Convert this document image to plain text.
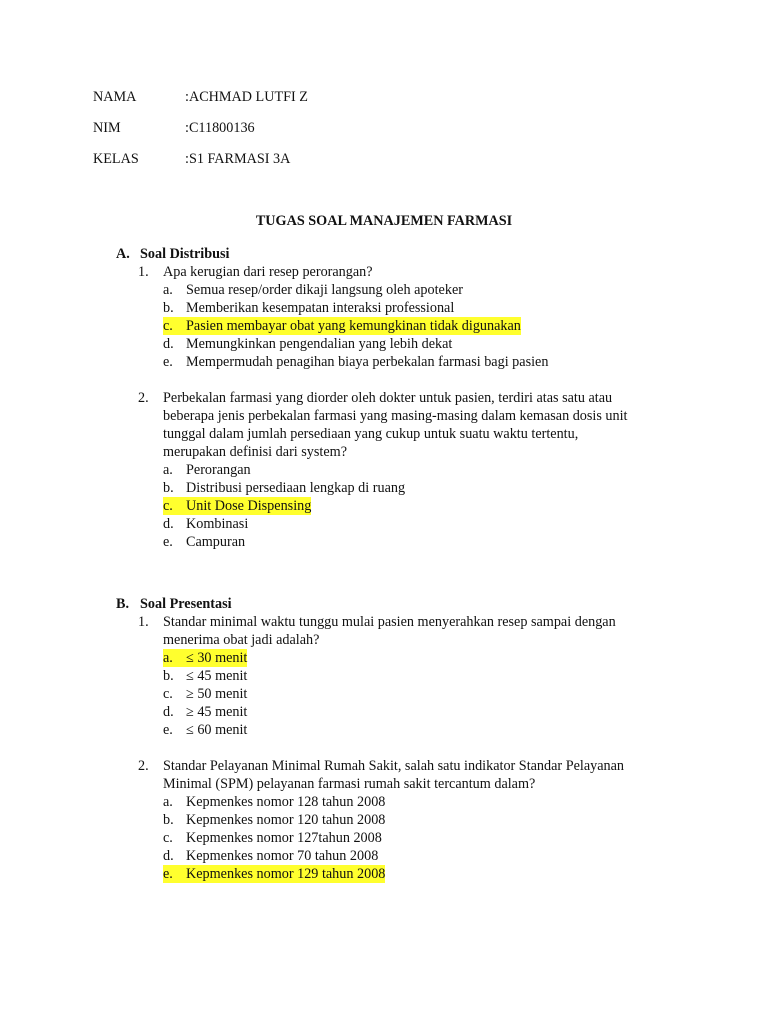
NAMA	:ACHMAD LUTFI Z
NIM	:C11800136
KELAS	:S1 FARMASI 3A
TUGAS SOAL MANAJEMEN FARMASI
A. Soal Distribusi
1. Apa kerugian dari resep perorangan?
a. Semua resep/order dikaji langsung oleh apoteker
b. Memberikan kesempatan interaksi professional
c. Pasien membayar obat yang kemungkinan tidak digunakan
d. Memungkinkan pengendalian yang lebih dekat
e. Mempermudah penagihan biaya perbekalan farmasi bagi pasien
2. Perbekalan farmasi yang diorder oleh dokter untuk pasien, terdiri atas satu atau
beberapa jenis perbekalan farmasi yang masing-masing dalam kemasan dosis unit
tunggal dalam jumlah persediaan yang cukup untuk suatu waktu tertentu,
merupakan definisi dari system?
a. Perorangan
b. Distribusi persediaan lengkap di ruang
c. Unit Dose Dispensing
d. Kombinasi
e. Campuran
B. Soal Presentasi
1. Standar minimal waktu tunggu mulai pasien menyerahkan resep sampai dengan
menerima obat jadi adalah?
a. ≤ 30 menit
b. ≤ 45 menit
c. ≥ 50 menit
d. ≥ 45 menit
e. ≤ 60 menit
2. Standar Pelayanan Minimal Rumah Sakit, salah satu indikator Standar Pelayanan
Minimal (SPM) pelayanan farmasi rumah sakit tercantum dalam?
a. Kepmenkes nomor 128 tahun 2008
b. Kepmenkes nomor 120 tahun 2008
c. Kepmenkes nomor 127tahun 2008
d. Kepmenkes nomor 70 tahun 2008
e. Kepmenkes nomor 129 tahun 2008
